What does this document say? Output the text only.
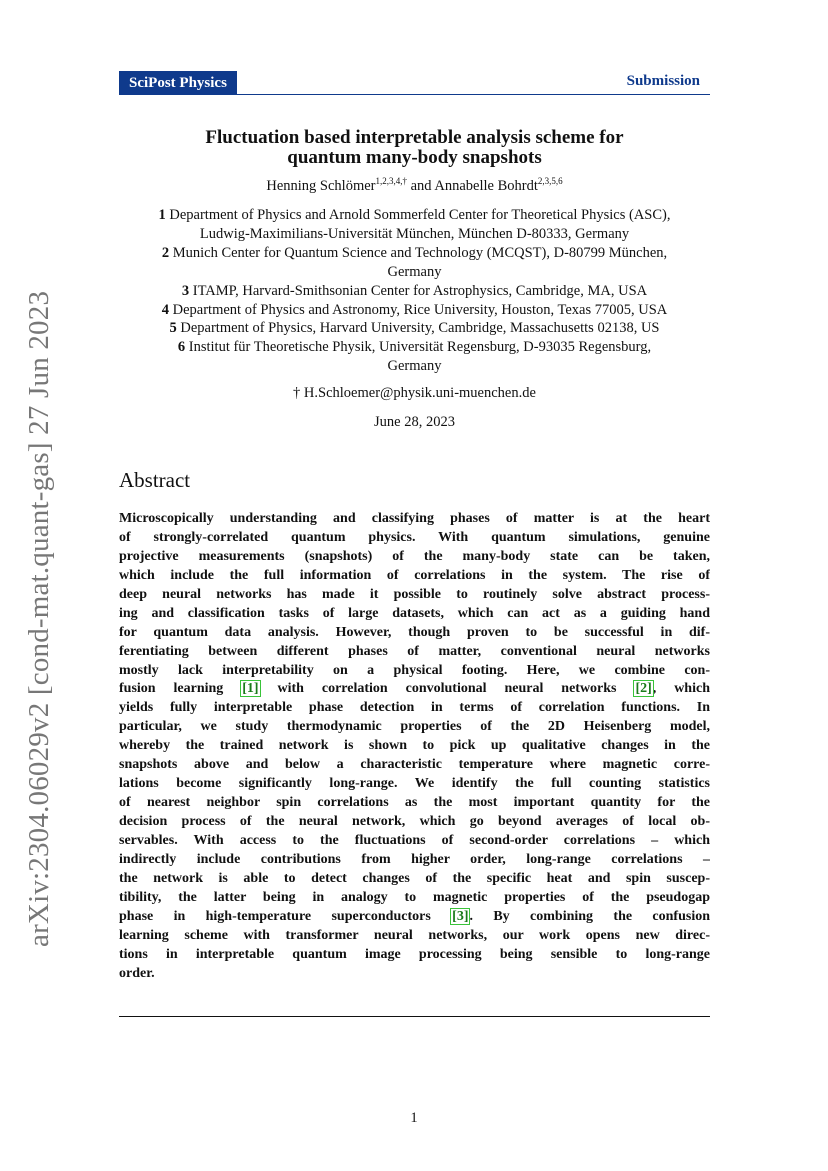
SciPost Physics	Submission
arXiv:2304.06029v2 [cond-mat.quant-gas] 27 Jun 2023
Fluctuation based interpretable analysis scheme for
quantum many-body snapshots
Henning Schlömer$^{1,2,3,4,\dagger}$ and Annabelle Bohrdt$^{2,3,5,6}$
1 Department of Physics and Arnold Sommerfeld Center for Theoretical Physics (ASC),
Ludwig-Maximilians-Universität München, München D-80333, Germany
2 Munich Center for Quantum Science and Technology (MCQST), D-80799 München,
Germany
3 ITAMP, Harvard-Smithsonian Center for Astrophysics, Cambridge, MA, USA
4 Department of Physics and Astronomy, Rice University, Houston, Texas 77005, USA
5 Department of Physics, Harvard University, Cambridge, Massachusetts 02138, US
6 Institut für Theoretische Physik, Universität Regensburg, D-93035 Regensburg,
Germany
† H.Schloemer@physik.uni-muenchen.de
June 28, 2023
Abstract
Microscopically understanding and classifying phases of matter is at the heart
of strongly-correlated quantum physics. With quantum simulations, genuine
projective measurements (snapshots) of the many-body state can be taken,
which include the full information of correlations in the system. The rise of
deep neural networks has made it possible to routinely solve abstract process-
ing and classification tasks of large datasets, which can act as a guiding hand
for quantum data analysis. However, though proven to be successful in dif-
ferentiating between different phases of matter, conventional neural networks
mostly lack interpretability on a physical footing. Here, we combine con-
fusion learning [1] with correlation convolutional neural networks [2], which
yields fully interpretable phase detection in terms of correlation functions. In
particular, we study thermodynamic properties of the 2D Heisenberg model,
whereby the trained network is shown to pick up qualitative changes in the
snapshots above and below a characteristic temperature where magnetic corre-
lations become significantly long-range. We identify the full counting statistics
of nearest neighbor spin correlations as the most important quantity for the
decision process of the neural network, which go beyond averages of local ob-
servables. With access to the fluctuations of second-order correlations – which
indirectly include contributions from higher order, long-range correlations –
the network is able to detect changes of the specific heat and spin suscep-
tibility, the latter being in analogy to magnetic properties of the pseudogap
phase in high-temperature superconductors [3]. By combining the confusion
learning scheme with transformer neural networks, our work opens new direc-
tions in interpretable quantum image processing being sensible to long-range
order.
1
